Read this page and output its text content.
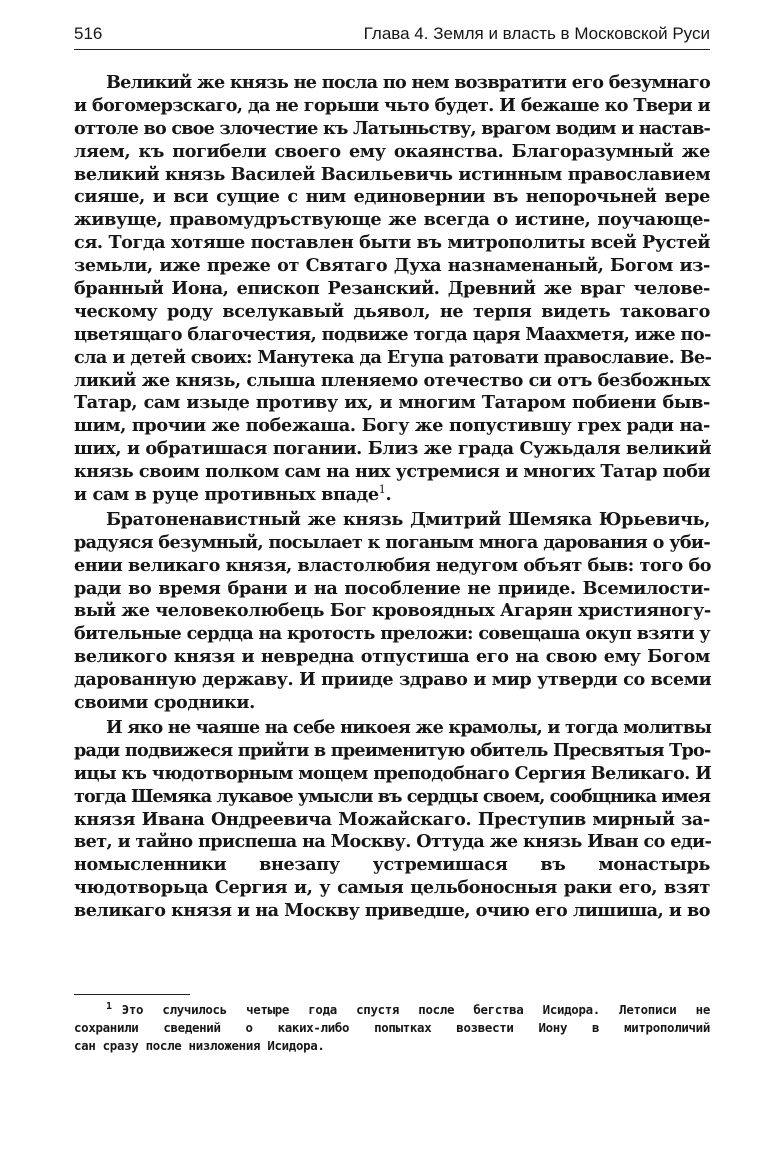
516	Глава 4. Земля и власть в Московской Руси
Великий же князь не посла по нем возвратити его безумнаго
и богомерзскаго, да не горьши чьто будет. И бежаше ко Твери и
оттоле во свое злочестие къ Латыньству, врагом водим и настав-
ляем, къ погибели своего ему окаянства. Благоразумный же
великий князь Василей Васильевичь истинным православием
сияше, и вси сущие с ним единовернии въ непорочьней вере
живуще, правомудръствующе же всегда о истине, поучающе-
ся. Тогда хотяше поставлен быти въ митрополиты всей Рустей
земьли, иже преже от Святаго Духа назнаменаный, Богом из-
бранный Иона, епископ Резанский. Древний же враг челове-
ческому роду вселукавый дьявол, не терпя видеть таковаго
цветящаго благочестия, подвиже тогда царя Маахметя, иже по-
сла и детей своих: Манутека да Егупа ратовати православие. Ве-
ликий же князь, слыша пленяемо отечество си отъ безбожных
Татар, сам изыде противу их, и многим Татаром побиени быв-
шим, прочии же побежаша. Богу же попустившу грех ради на-
ших, и обратишася погании. Близ же града Сужьдаля великий
князь своим полком сам на них устремися и многих Татар поби
и сам в руце противных впаде$^1$.
Братоненавистный же князь Дмитрий Шемяка Юрьевичь,
радуяся безумный, посылает к поганым многа дарования о уби-
ении великаго князя, властолюбия недугом объят быв: того бо
ради во время брани и на пособление не прииде. Всемилости-
вый же человеколюбець Бог кровоядных Агарян християногу-
бительные сердца на кротость преложи: совещаша окуп взяти у
великого князя и невредна отпустиша его на свою ему Богом
дарованную державу. И прииде здраво и мир утверди со всеми
своими сродники.
И яко не чаяше на себе никоея же крамолы, и тогда молитвы
ради подвижеся прийти в преименитую обитель Пресвятыя Тро-
ицы къ чюдотворным мощем преподобнаго Сергия Великаго. И
тогда Шемяка лукавое умысли въ сердцы своем, сообщника имея
князя Ивана Ондреевича Можайскаго. Преступив мирный за-
вет, и тайно приспеша на Москву. Оттуда же князь Иван со еди-
номысленники внезапу устремишася въ монастырь
чюдотворьца Сергия и, у самыя цельбоносныя раки его, взят
великаго князя и на Москву приведше, очию его лишиша, и во
$^1$ Это случилось четыре года спустя после бегства Исидора. Летописи не
сохранили сведений о каких-либо попытках возвести Иону в митрополичий
сан сразу после низложения Исидора.
